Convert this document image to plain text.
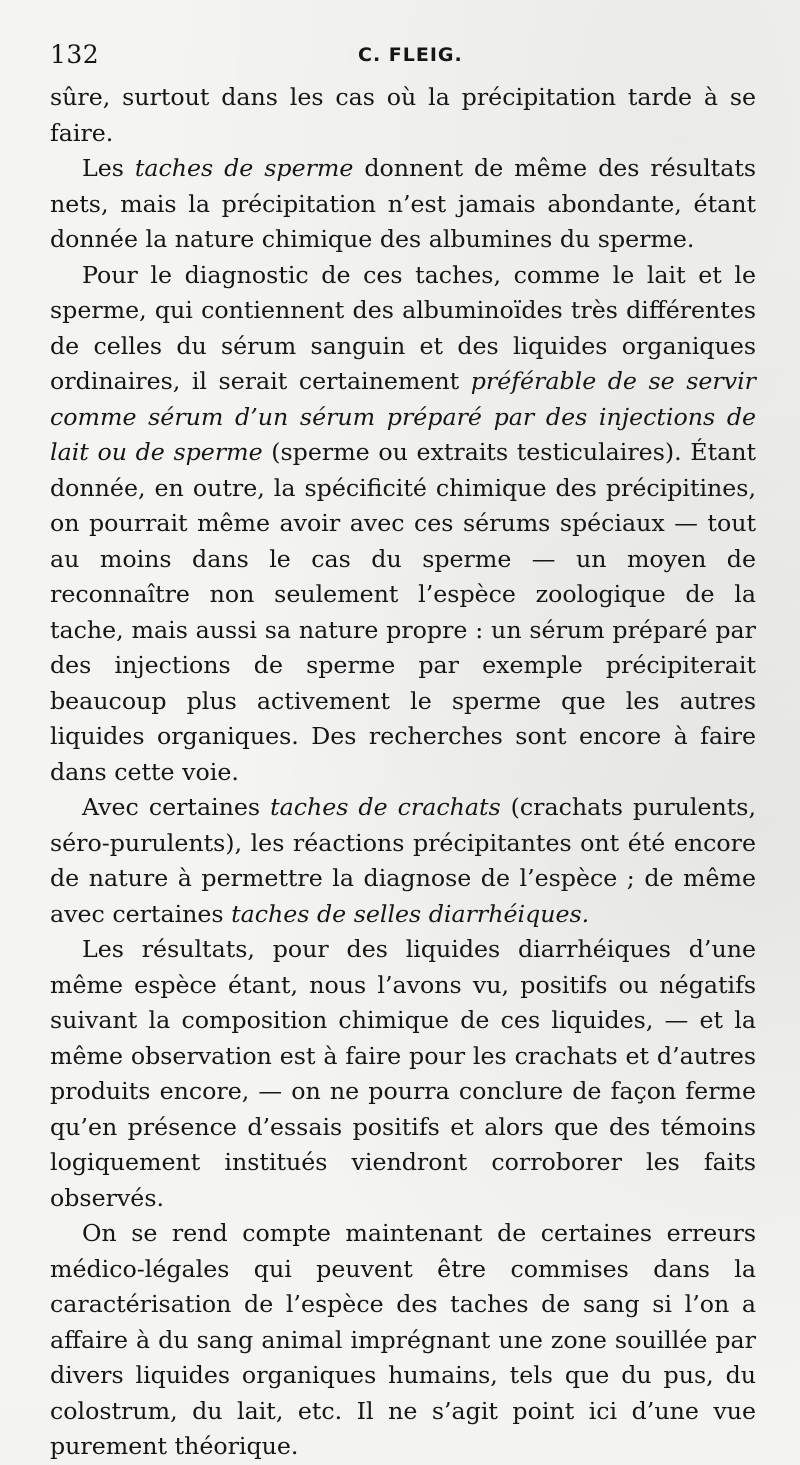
132	C. FLEIG.

sûre, surtout dans les cas où la précipitation tarde à se faire.

Les taches de sperme donnent de même des résultats nets, mais la précipitation n’est jamais abondante, étant donnée la nature chimique des albumines du sperme.

Pour le diagnostic de ces taches, comme le lait et le sperme, qui contiennent des albuminoïdes très différentes de celles du sérum sanguin et des liquides organiques ordinaires, il serait certainement préférable de se servir comme sérum d’un sérum préparé par des injections de lait ou de sperme (sperme ou extraits testiculaires). Étant donnée, en outre, la spécificité chimique des précipitines, on pourrait même avoir avec ces sérums spéciaux — tout au moins dans le cas du sperme — un moyen de reconnaître non seulement l’espèce zoologique de la tache, mais aussi sa nature propre : un sérum préparé par des injections de sperme par exemple précipiterait beaucoup plus activement le sperme que les autres liquides organiques. Des recherches sont encore à faire dans cette voie.

Avec certaines taches de crachats (crachats purulents, séro-purulents), les réactions précipitantes ont été encore de nature à permettre la diagnose de l’espèce ; de même avec certaines taches de selles diarrhéiques.

Les résultats, pour des liquides diarrhéiques d’une même espèce étant, nous l’avons vu, positifs ou négatifs suivant la composition chimique de ces liquides, — et la même observation est à faire pour les crachats et d’autres produits encore, — on ne pourra conclure de façon ferme qu’en présence d’essais positifs et alors que des témoins logiquement institués viendront corroborer les faits observés.

On se rend compte maintenant de certaines erreurs médico-légales qui peuvent être commises dans la caractérisation de l’espèce des taches de sang si l’on a affaire à du sang animal imprégnant une zone souillée par divers liquides organiques humains, tels que du pus, du colostrum, du lait, etc. Il ne s’agit point ici d’une vue purement théorique.
